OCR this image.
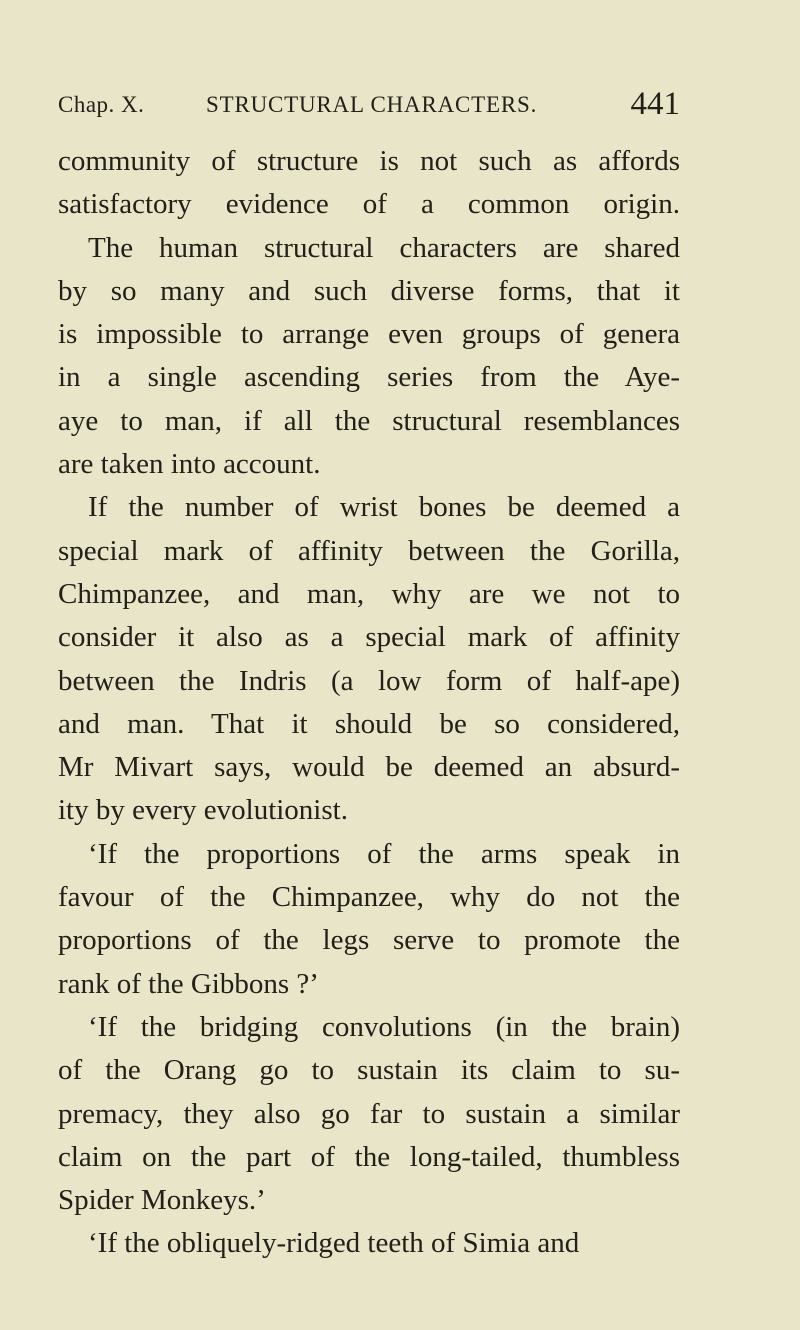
Chap. X.	STRUCTURAL CHARACTERS.	441
community of structure is not such as affords
satisfactory evidence of a common origin.
The human structural characters are shared
by so many and such diverse forms, that it
is impossible to arrange even groups of genera
in a single ascending series from the Aye-
aye to man, if all the structural resemblances
are taken into account.
If the number of wrist bones be deemed a
special mark of affinity between the Gorilla,
Chimpanzee, and man, why are we not to
consider it also as a special mark of affinity
between the Indris (a low form of half-ape)
and man. That it should be so considered,
Mr Mivart says, would be deemed an absurd-
ity by every evolutionist.
‘If the proportions of the arms speak in
favour of the Chimpanzee, why do not the
proportions of the legs serve to promote the
rank of the Gibbons ?’
‘If the bridging convolutions (in the brain)
of the Orang go to sustain its claim to su-
premacy, they also go far to sustain a similar
claim on the part of the long-tailed, thumbless
Spider Monkeys.’
‘If the obliquely-ridged teeth of Simia and
